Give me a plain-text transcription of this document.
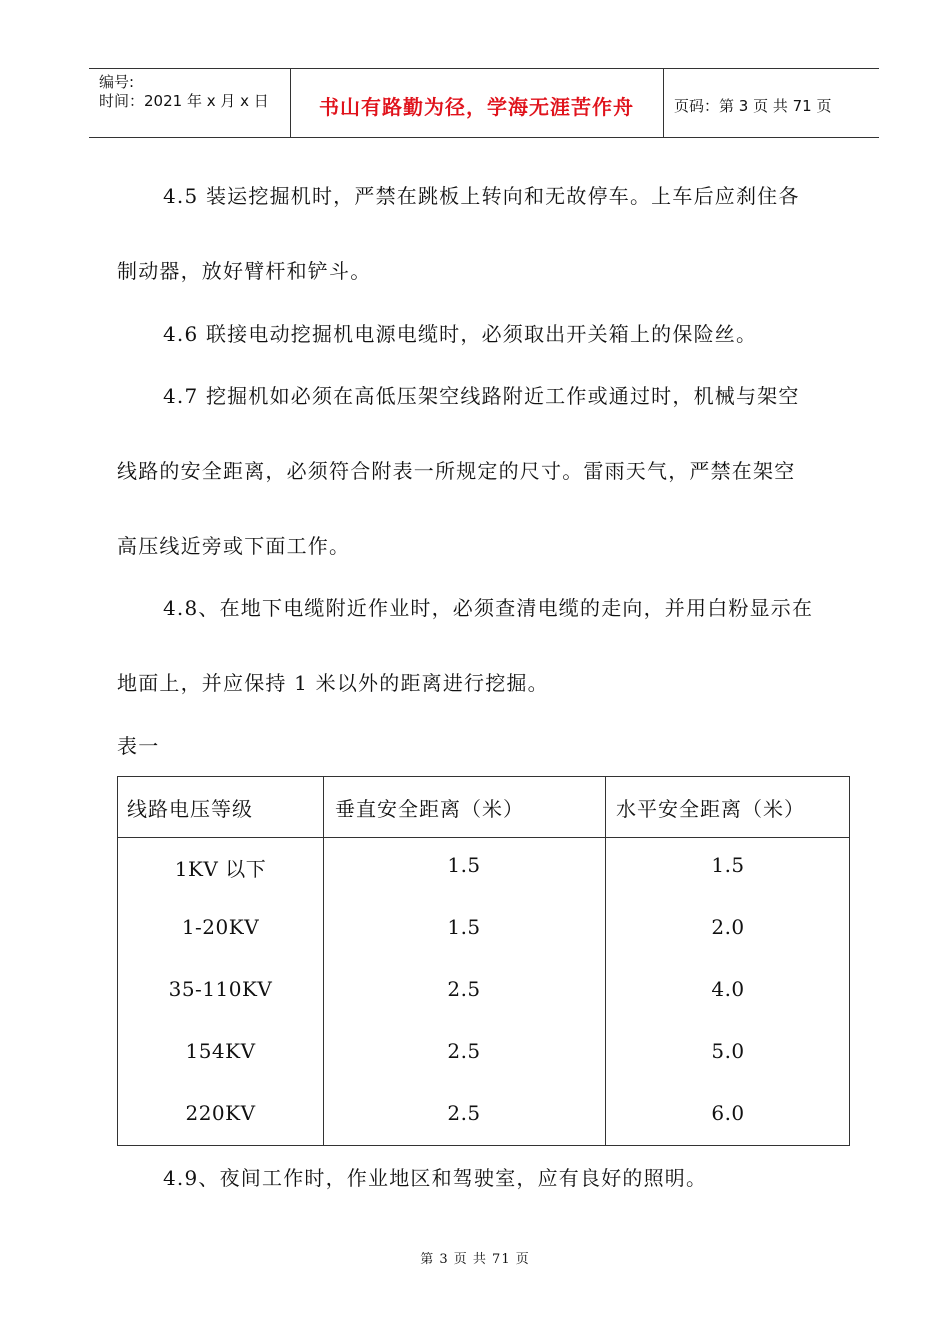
编号:
时间：2021 年 x 月 x 日	书山有路勤为径，学海无涯苦作舟	页码：第 3 页 共 71 页
4.5 装运挖掘机时，严禁在跳板上转向和无故停车。上车后应刹住各
制动器，放好臂杆和铲斗。
4.6 联接电动挖掘机电源电缆时，必须取出开关箱上的保险丝。
4.7 挖掘机如必须在高低压架空线路附近工作或通过时，机械与架空
线路的安全距离，必须符合附表一所规定的尺寸。雷雨天气，严禁在架空
高压线近旁或下面工作。
4.8、在地下电缆附近作业时，必须查清电缆的走向，并用白粉显示在
地面上，并应保持 1 米以外的距离进行挖掘。
表一
线路电压等级	垂直安全距离（米）	水平安全距离（米）
1KV 以下	1.5	1.5
1-20KV	1.5	2.0
35-110KV	2.5	4.0
154KV	2.5	5.0
220KV	2.5	6.0
4.9、夜间工作时，作业地区和驾驶室，应有良好的照明。
第 3 页 共 71 页
